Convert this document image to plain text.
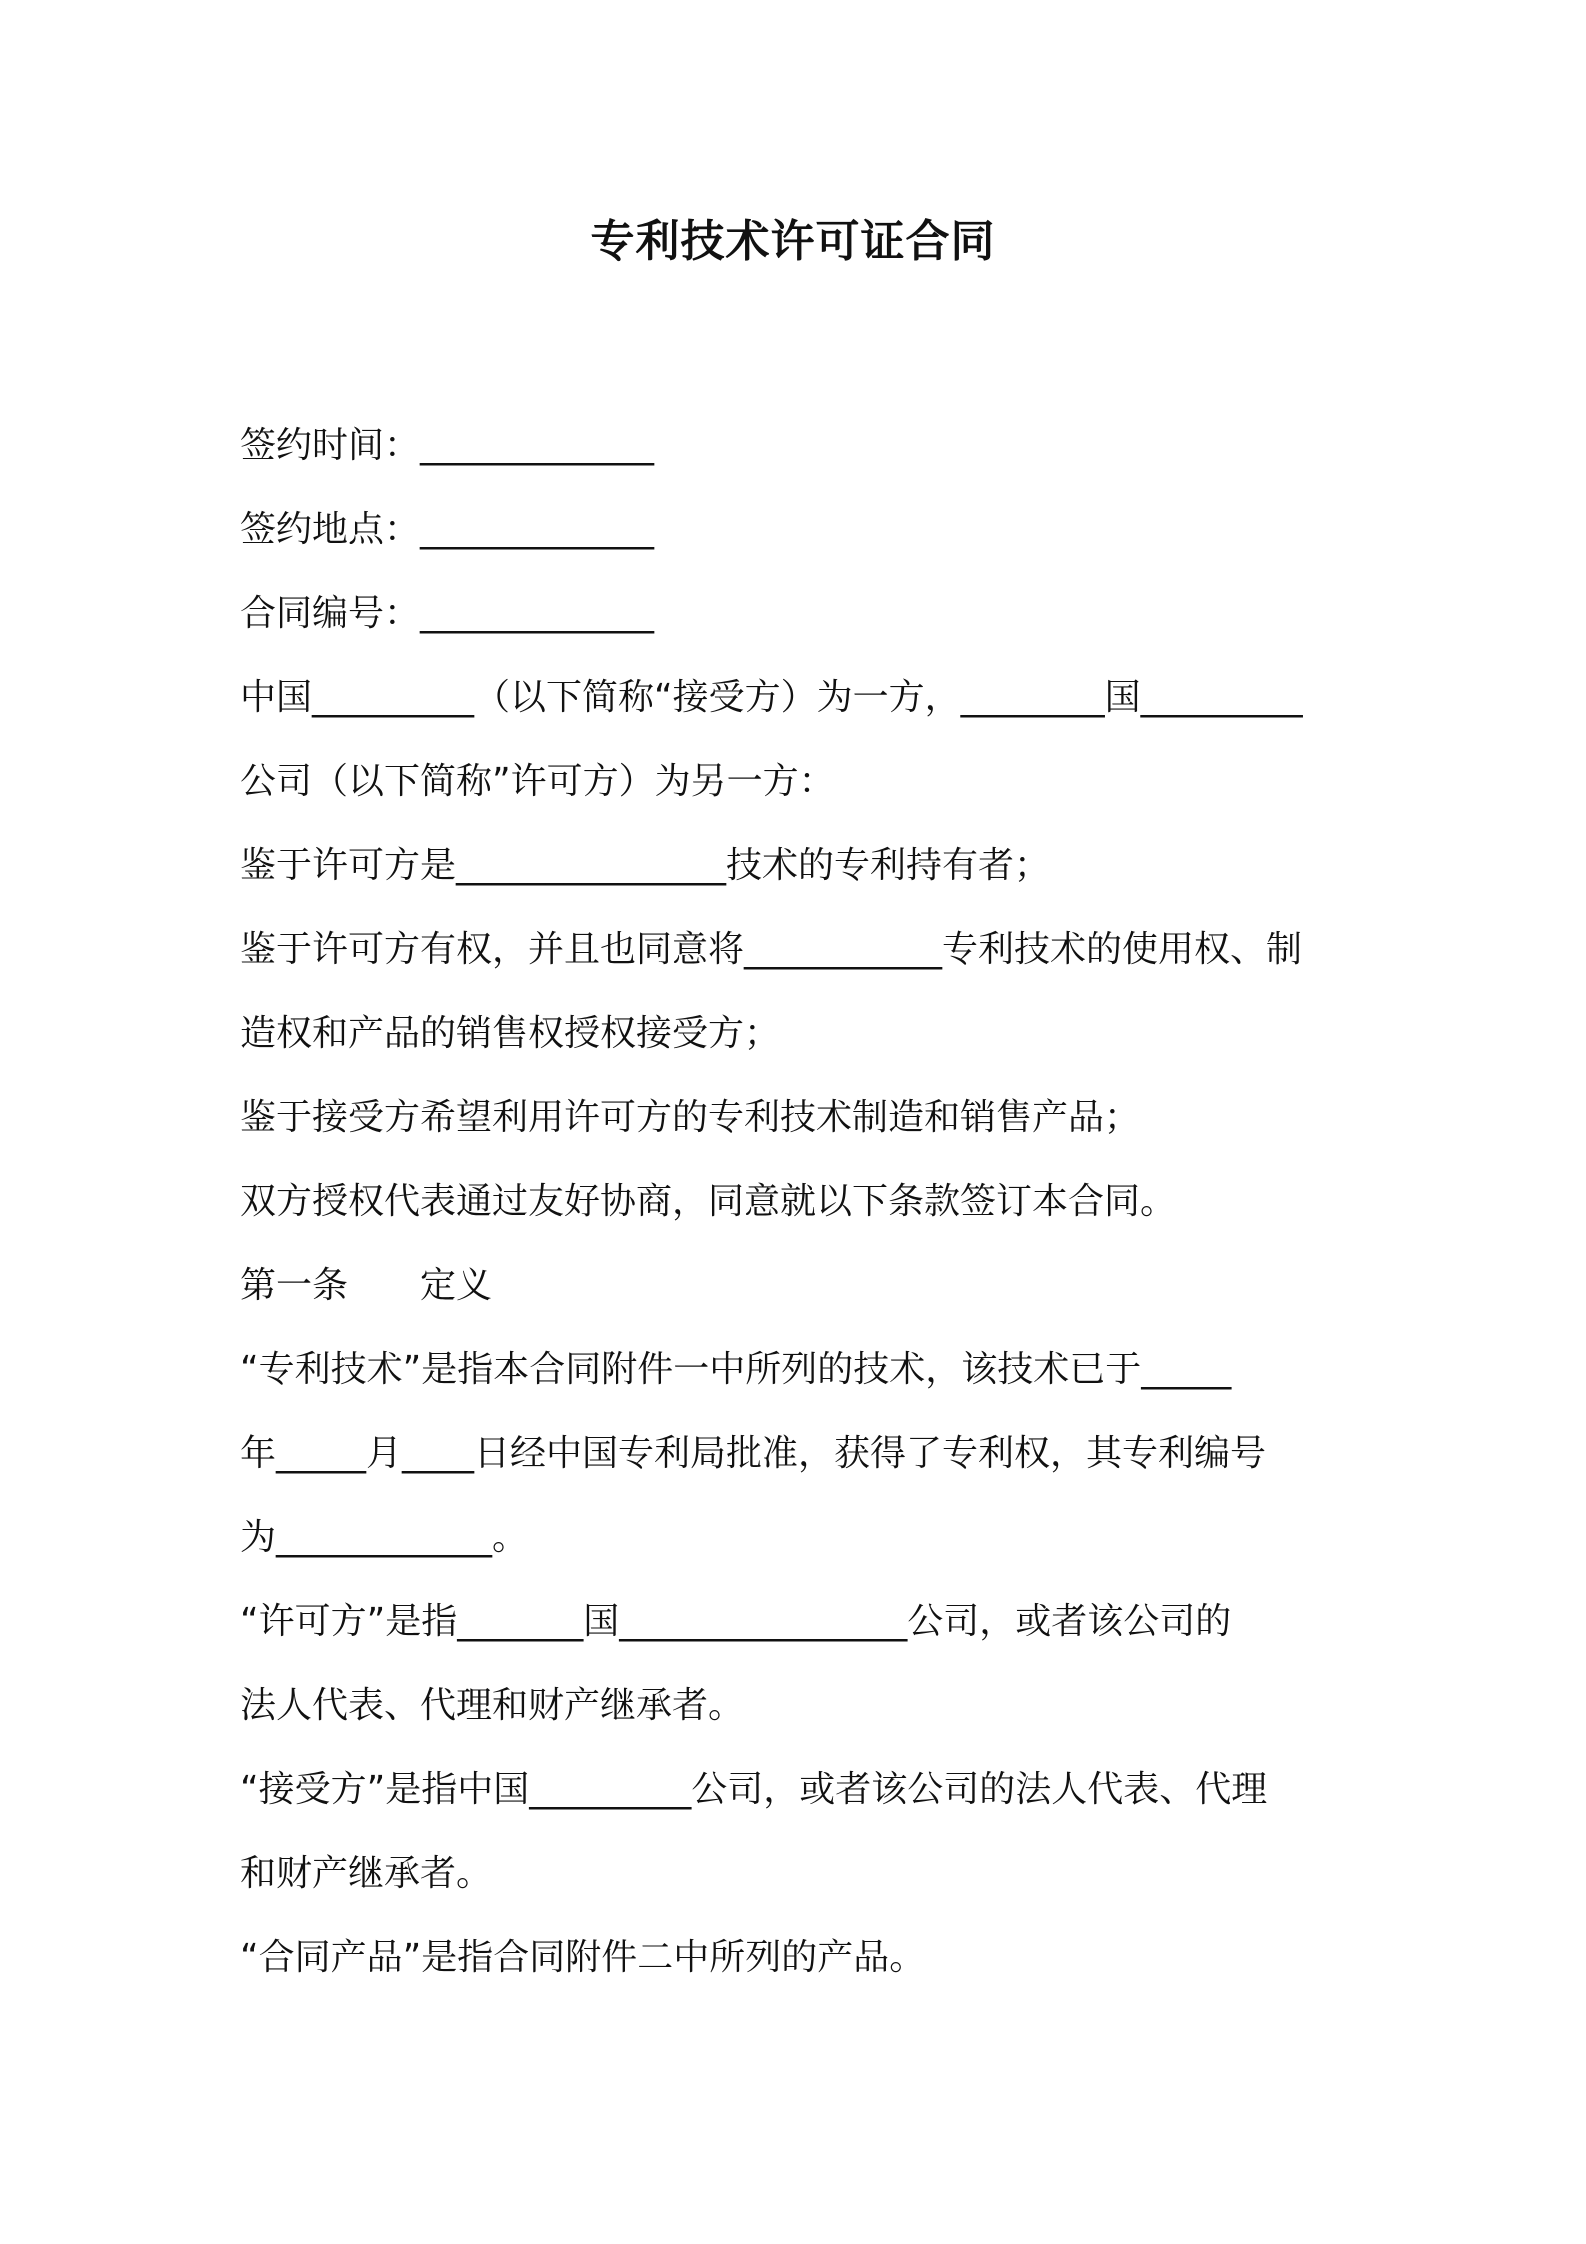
专利技术许可证合同
签约时间：_____________
签约地点：_____________
合同编号：_____________
中国_________（以下简称“接受方）为一方，________国_________
公司（以下简称”许可方）为另一方：
鉴于许可方是_______________技术的专利持有者；
鉴于许可方有权，并且也同意将___________专利技术的使用权、制
造权和产品的销售权授权接受方；
鉴于接受方希望利用许可方的专利技术制造和销售产品；
双方授权代表通过友好协商，同意就以下条款签订本合同。
第一条　　定义
“专利技术”是指本合同附件一中所列的技术，该技术已于_____
年_____月____日经中国专利局批准，获得了专利权，其专利编号
为____________。
“许可方”是指_______国________________公司，或者该公司的
法人代表、代理和财产继承者。
“接受方”是指中国_________公司，或者该公司的法人代表、代理
和财产继承者。
“合同产品”是指合同附件二中所列的产品。
